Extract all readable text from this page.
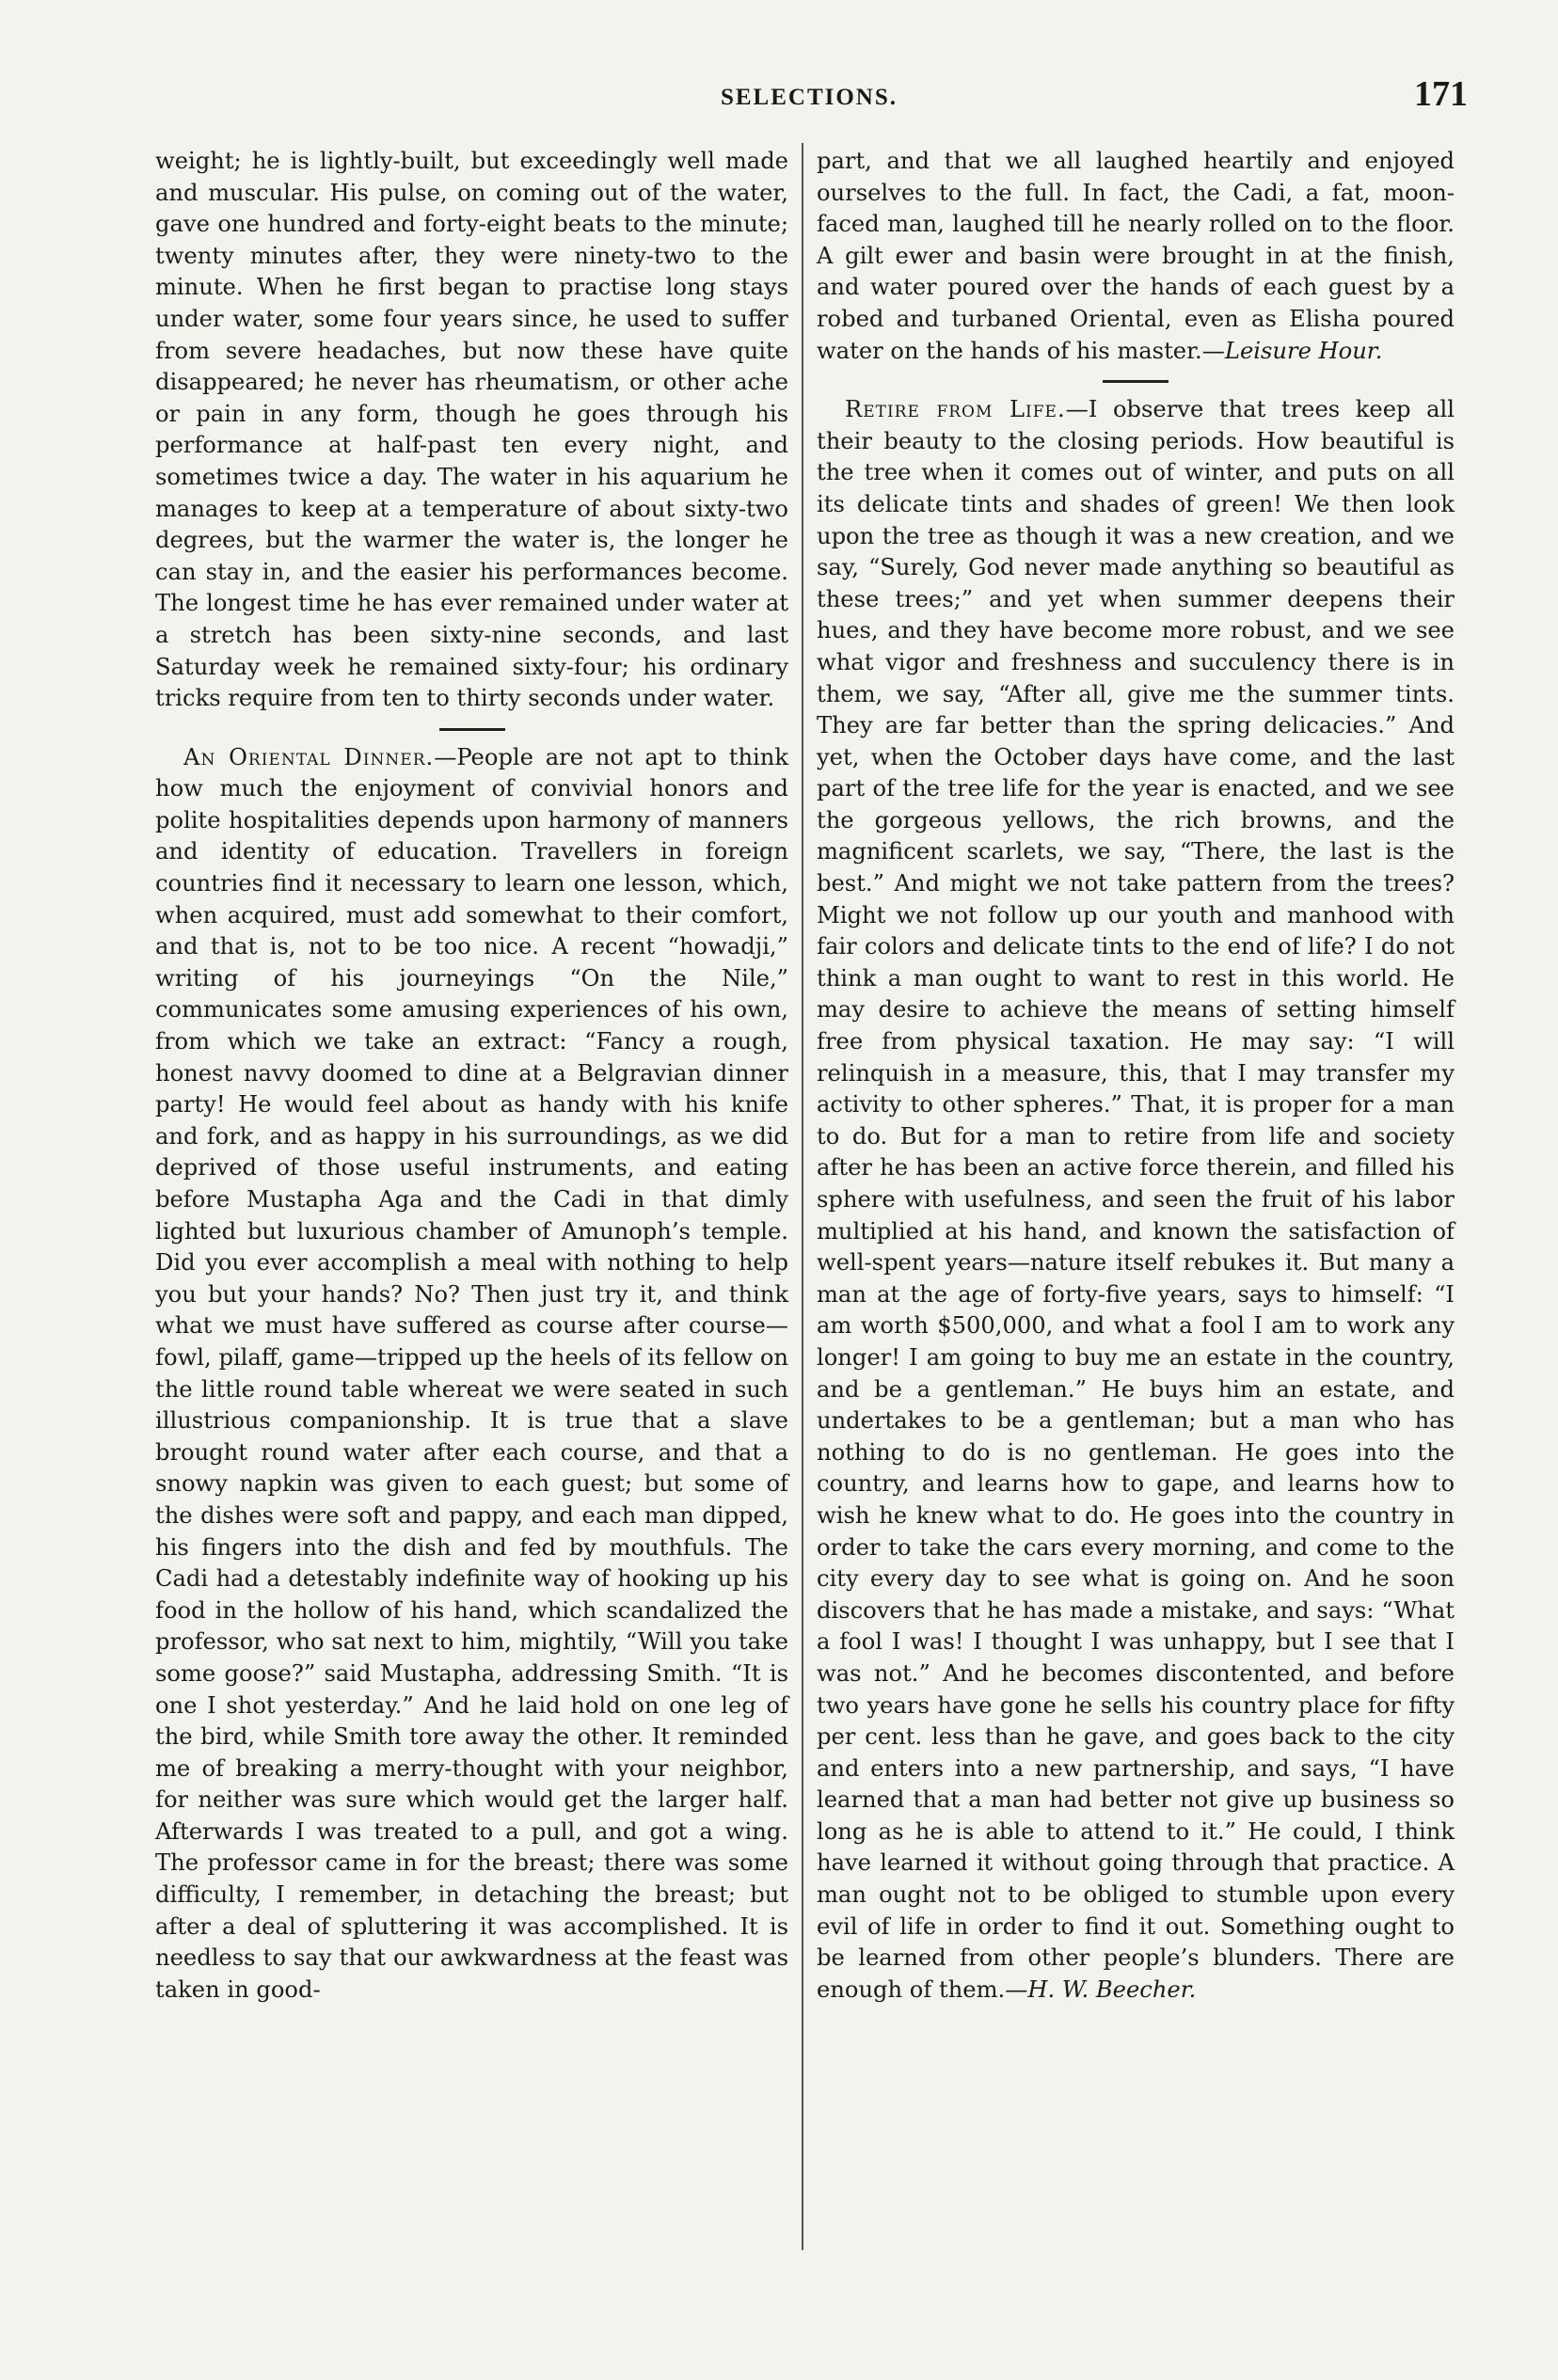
SELECTIONS.	171

weight; he is lightly-built, but exceedingly well made and muscular. His pulse, on coming out of the water, gave one hundred and forty-eight beats to the minute; twenty minutes after, they were ninety-two to the minute. When he first began to practise long stays under water, some four years since, he used to suffer from severe headaches, but now these have quite disappeared; he never has rheumatism, or other ache or pain in any form, though he goes through his performance at half-past ten every night, and sometimes twice a day. The water in his aquarium he manages to keep at a temperature of about sixty-two degrees, but the warmer the water is, the longer he can stay in, and the easier his performances become. The longest time he has ever remained under water at a stretch has been sixty-nine seconds, and last Saturday week he remained sixty-four; his ordinary tricks require from ten to thirty seconds under water.

An Oriental Dinner.—People are not apt to think how much the enjoyment of convivial honors and polite hospitalities depends upon harmony of manners and identity of education. Travellers in foreign countries find it necessary to learn one lesson, which, when acquired, must add somewhat to their comfort, and that is, not to be too nice. A recent “howadji,” writing of his journeyings “On the Nile,” communicates some amusing experiences of his own, from which we take an extract: “Fancy a rough, honest navvy doomed to dine at a Belgravian dinner party! He would feel about as handy with his knife and fork, and as happy in his surroundings, as we did deprived of those useful instruments, and eating before Mustapha Aga and the Cadi in that dimly lighted but luxurious chamber of Amunoph’s temple. Did you ever accomplish a meal with nothing to help you but your hands? No? Then just try it, and think what we must have suffered as course after course—fowl, pilaff, game—tripped up the heels of its fellow on the little round table whereat we were seated in such illustrious companionship. It is true that a slave brought round water after each course, and that a snowy napkin was given to each guest; but some of the dishes were soft and pappy, and each man dipped, his fingers into the dish and fed by mouthfuls. The Cadi had a detestably indefinite way of hooking up his food in the hollow of his hand, which scandalized the professor, who sat next to him, mightily, “Will you take some goose?” said Mustapha, addressing Smith. “It is one I shot yesterday.” And he laid hold on one leg of the bird, while Smith tore away the other. It reminded me of breaking a merry-thought with your neighbor, for neither was sure which would get the larger half. Afterwards I was treated to a pull, and got a wing. The professor came in for the breast; there was some difficulty, I remember, in detaching the breast; but after a deal of spluttering it was accomplished. It is needless to say that our awkwardness at the feast was taken in good-

part, and that we all laughed heartily and enjoyed ourselves to the full. In fact, the Cadi, a fat, moon-faced man, laughed till he nearly rolled on to the floor. A gilt ewer and basin were brought in at the finish, and water poured over the hands of each guest by a robed and turbaned Oriental, even as Elisha poured water on the hands of his master.—Leisure Hour.

Retire from Life.—I observe that trees keep all their beauty to the closing periods. How beautiful is the tree when it comes out of winter, and puts on all its delicate tints and shades of green! We then look upon the tree as though it was a new creation, and we say, “Surely, God never made anything so beautiful as these trees;” and yet when summer deepens their hues, and they have become more robust, and we see what vigor and freshness and succulency there is in them, we say, “After all, give me the summer tints. They are far better than the spring delicacies.” And yet, when the October days have come, and the last part of the tree life for the year is enacted, and we see the gorgeous yellows, the rich browns, and the magnificent scarlets, we say, “There, the last is the best.” And might we not take pattern from the trees? Might we not follow up our youth and manhood with fair colors and delicate tints to the end of life? I do not think a man ought to want to rest in this world. He may desire to achieve the means of setting himself free from physical taxation. He may say: “I will relinquish in a measure, this, that I may transfer my activity to other spheres.” That, it is proper for a man to do. But for a man to retire from life and society after he has been an active force therein, and filled his sphere with usefulness, and seen the fruit of his labor multiplied at his hand, and known the satisfaction of well-spent years—nature itself rebukes it. But many a man at the age of forty-five years, says to himself: “I am worth $500,000, and what a fool I am to work any longer! I am going to buy me an estate in the country, and be a gentleman.” He buys him an estate, and undertakes to be a gentleman; but a man who has nothing to do is no gentleman. He goes into the country, and learns how to gape, and learns how to wish he knew what to do. He goes into the country in order to take the cars every morning, and come to the city every day to see what is going on. And he soon discovers that he has made a mistake, and says: “What a fool I was! I thought I was unhappy, but I see that I was not.” And he becomes discontented, and before two years have gone he sells his country place for fifty per cent. less than he gave, and goes back to the city and enters into a new partnership, and says, “I have learned that a man had better not give up business so long as he is able to attend to it.” He could, I think have learned it without going through that practice. A man ought not to be obliged to stumble upon every evil of life in order to find it out. Something ought to be learned from other people’s blunders. There are enough of them.—H. W. Beecher.
